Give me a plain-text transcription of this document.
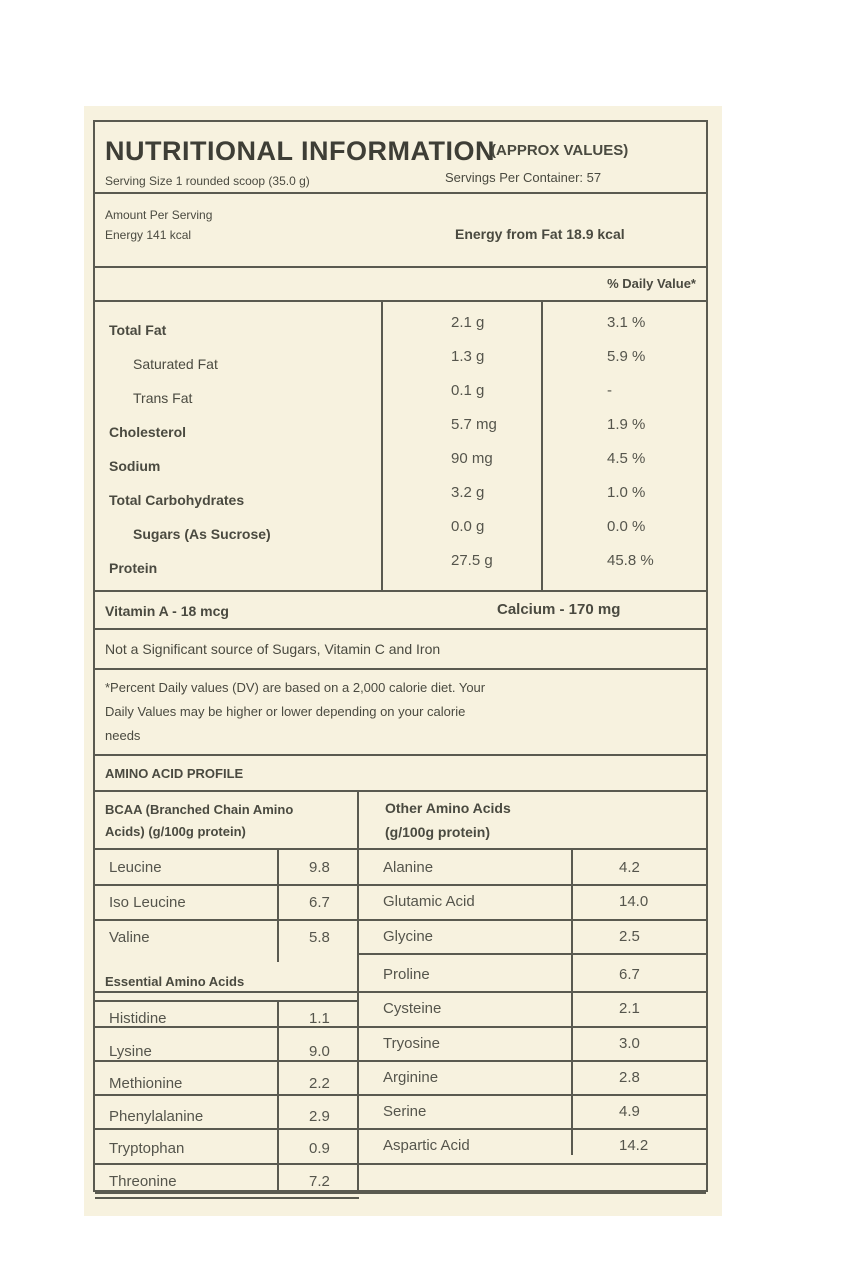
NUTRITIONAL INFORMATION
(APPROX VALUES)
Serving Size 1 rounded scoop (35.0 g)	Servings Per Container: 57
Amount Per Serving
Energy 141 kcal	Energy from Fat 18.9 kcal
% Daily Value*
Total Fat	2.1 g	3.1 %
Saturated Fat	1.3 g	5.9 %
Trans Fat	0.1 g	-
Cholesterol	5.7 mg	1.9 %
Sodium	90 mg	4.5 %
Total Carbohydrates	3.2 g	1.0 %
Sugars (As Sucrose)	0.0 g	0.0 %
Protein	27.5 g	45.8 %
Vitamin A - 18 mcg	Calcium - 170 mg
Not a Significant source of Sugars, Vitamin C and Iron
*Percent Daily values (DV) are based on a 2,000 calorie diet. Your
Daily Values may be higher or lower depending on your calorie
needs
AMINO ACID PROFILE
BCAA (Branched Chain Amino
Acids) (g/100g protein)
Other Amino Acids
(g/100g protein)
Leucine	9.8
Iso Leucine	6.7
Valine	5.8
Histidine	1.1
Lysine	9.0
Methionine	2.2
Phenylalanine	2.9
Tryptophan	0.9
Threonine	7.2
Alanine	4.2
Glutamic Acid	14.0
Glycine	2.5
Proline	6.7
Cysteine	2.1
Tryosine	3.0
Arginine	2.8
Serine	4.9
Aspartic Acid	14.2
Essential Amino Acids
